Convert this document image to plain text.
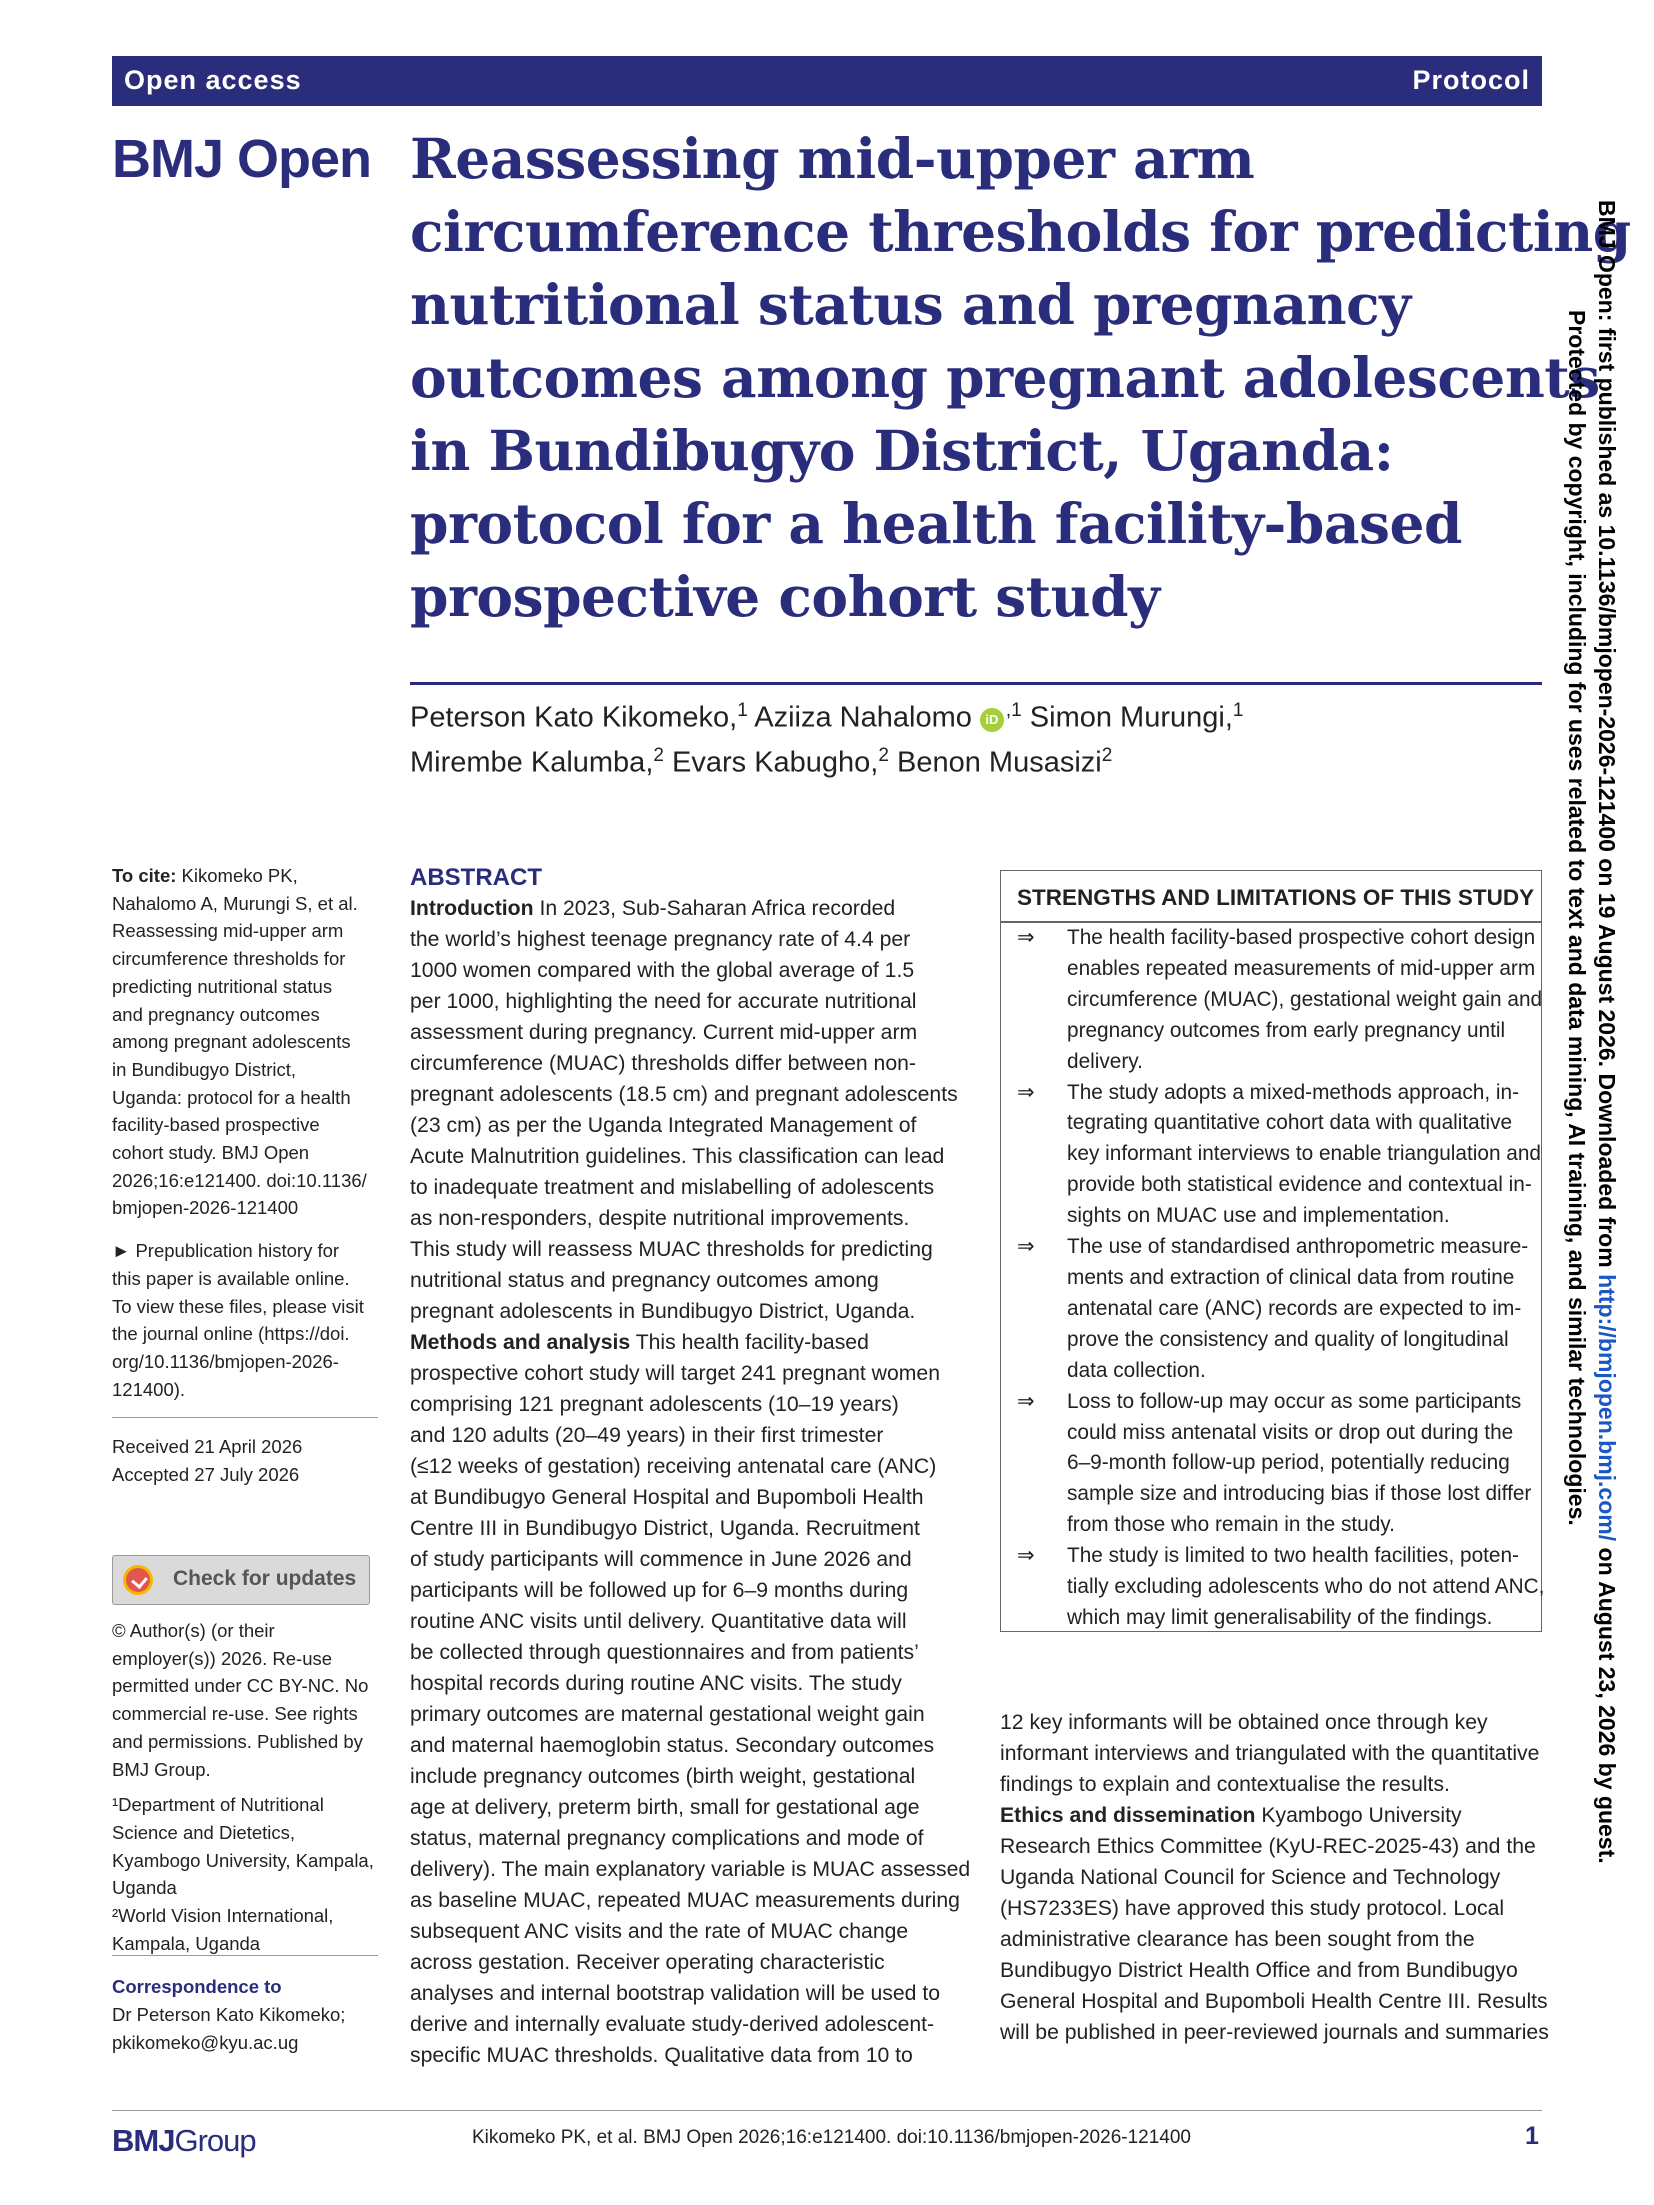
Open access	Protocol
BMJ Open Reassessing mid-upper arm
circumference thresholds for predicting
nutritional status and pregnancy
outcomes among pregnant adolescents
in Bundibugyo District, Uganda:
protocol for a health facility-based
prospective cohort study
Peterson Kato Kikomeko,$^1$ Aziiza Nahalomo iD $^{,1}$ Simon Murungi,$^1$
Mirembe Kalumba,$^2$ Evars Kabugho,$^2$ Benon Musasizi$^2$
To cite: Kikomeko PK,
Nahalomo A, Murungi S, et al.
Reassessing mid-upper arm
circumference thresholds for
predicting nutritional status
and pregnancy outcomes
among pregnant adolescents
in Bundibugyo District,
Uganda: protocol for a health
facility-based prospective
cohort study. BMJ Open
2026;16:e121400. doi:10.1136/
bmjopen-2026-121400
► Prepublication history for
this paper is available online.
To view these files, please visit
the journal online (https://doi.
org/10.1136/bmjopen-2026-
121400).
Received 21 April 2026
Accepted 27 July 2026
Check for updates
© Author(s) (or their
employer(s)) 2026. Re-use
permitted under CC BY-NC. No
commercial re-use. See rights
and permissions. Published by
BMJ Group.
¹Department of Nutritional
Science and Dietetics,
Kyambogo University, Kampala,
Uganda
²World Vision International,
Kampala, Uganda
Correspondence to
Dr Peterson Kato Kikomeko;
pkikomeko@kyu.ac.ug
ABSTRACT
Introduction In 2023, Sub-Saharan Africa recorded
the world’s highest teenage pregnancy rate of 4.4 per
1000 women compared with the global average of 1.5
per 1000, highlighting the need for accurate nutritional
assessment during pregnancy. Current mid-upper arm
circumference (MUAC) thresholds differ between non-
pregnant adolescents (18.5 cm) and pregnant adolescents
(23 cm) as per the Uganda Integrated Management of
Acute Malnutrition guidelines. This classification can lead
to inadequate treatment and mislabelling of adolescents
as non-responders, despite nutritional improvements.
This study will reassess MUAC thresholds for predicting
nutritional status and pregnancy outcomes among
pregnant adolescents in Bundibugyo District, Uganda.
Methods and analysis This health facility-based
prospective cohort study will target 241 pregnant women
comprising 121 pregnant adolescents (10–19 years)
and 120 adults (20–49 years) in their first trimester
(≤12 weeks of gestation) receiving antenatal care (ANC)
at Bundibugyo General Hospital and Bupomboli Health
Centre III in Bundibugyo District, Uganda. Recruitment
of study participants will commence in June 2026 and
participants will be followed up for 6–9 months during
routine ANC visits until delivery. Quantitative data will
be collected through questionnaires and from patients’
hospital records during routine ANC visits. The study
primary outcomes are maternal gestational weight gain
and maternal haemoglobin status. Secondary outcomes
include pregnancy outcomes (birth weight, gestational
age at delivery, preterm birth, small for gestational age
status, maternal pregnancy complications and mode of
delivery). The main explanatory variable is MUAC assessed
as baseline MUAC, repeated MUAC measurements during
subsequent ANC visits and the rate of MUAC change
across gestation. Receiver operating characteristic
analyses and internal bootstrap validation will be used to
derive and internally evaluate study-derived adolescent-
specific MUAC thresholds. Qualitative data from 10 to
STRENGTHS AND LIMITATIONS OF THIS STUDY
⇒	The health facility-based prospective cohort design
enables repeated measurements of mid-upper arm
circumference (MUAC), gestational weight gain and
pregnancy outcomes from early pregnancy until
delivery.
⇒	The study adopts a mixed-methods approach, in-
tegrating quantitative cohort data with qualitative
key informant interviews to enable triangulation and
provide both statistical evidence and contextual in-
sights on MUAC use and implementation.
⇒	The use of standardised anthropometric measure-
ments and extraction of clinical data from routine
antenatal care (ANC) records are expected to im-
prove the consistency and quality of longitudinal
data collection.
⇒	Loss to follow-up may occur as some participants
could miss antenatal visits or drop out during the
6–9-month follow-up period, potentially reducing
sample size and introducing bias if those lost differ
from those who remain in the study.
⇒	The study is limited to two health facilities, poten-
tially excluding adolescents who do not attend ANC,
which may limit generalisability of the findings.
12 key informants will be obtained once through key
informant interviews and triangulated with the quantitative
findings to explain and contextualise the results.
Ethics and dissemination Kyambogo University
Research Ethics Committee (KyU-REC-2025-43) and the
Uganda National Council for Science and Technology
(HS7233ES) have approved this study protocol. Local
administrative clearance has been sought from the
Bundibugyo District Health Office and from Bundibugyo
General Hospital and Bupomboli Health Centre III. Results
will be published in peer-reviewed journals and summaries
BMJ Open: first published as 10.1136/bmjopen-2026-121400 on 19 August 2026. Downloaded from http://bmjopen.bmj.com/ on August 23, 2026 by guest.
Protected by copyright, including for uses related to text and data mining, AI training, and similar technologies.
BMJGroup	Kikomeko PK, et al. BMJ Open 2026;16:e121400. doi:10.1136/bmjopen-2026-121400	1
